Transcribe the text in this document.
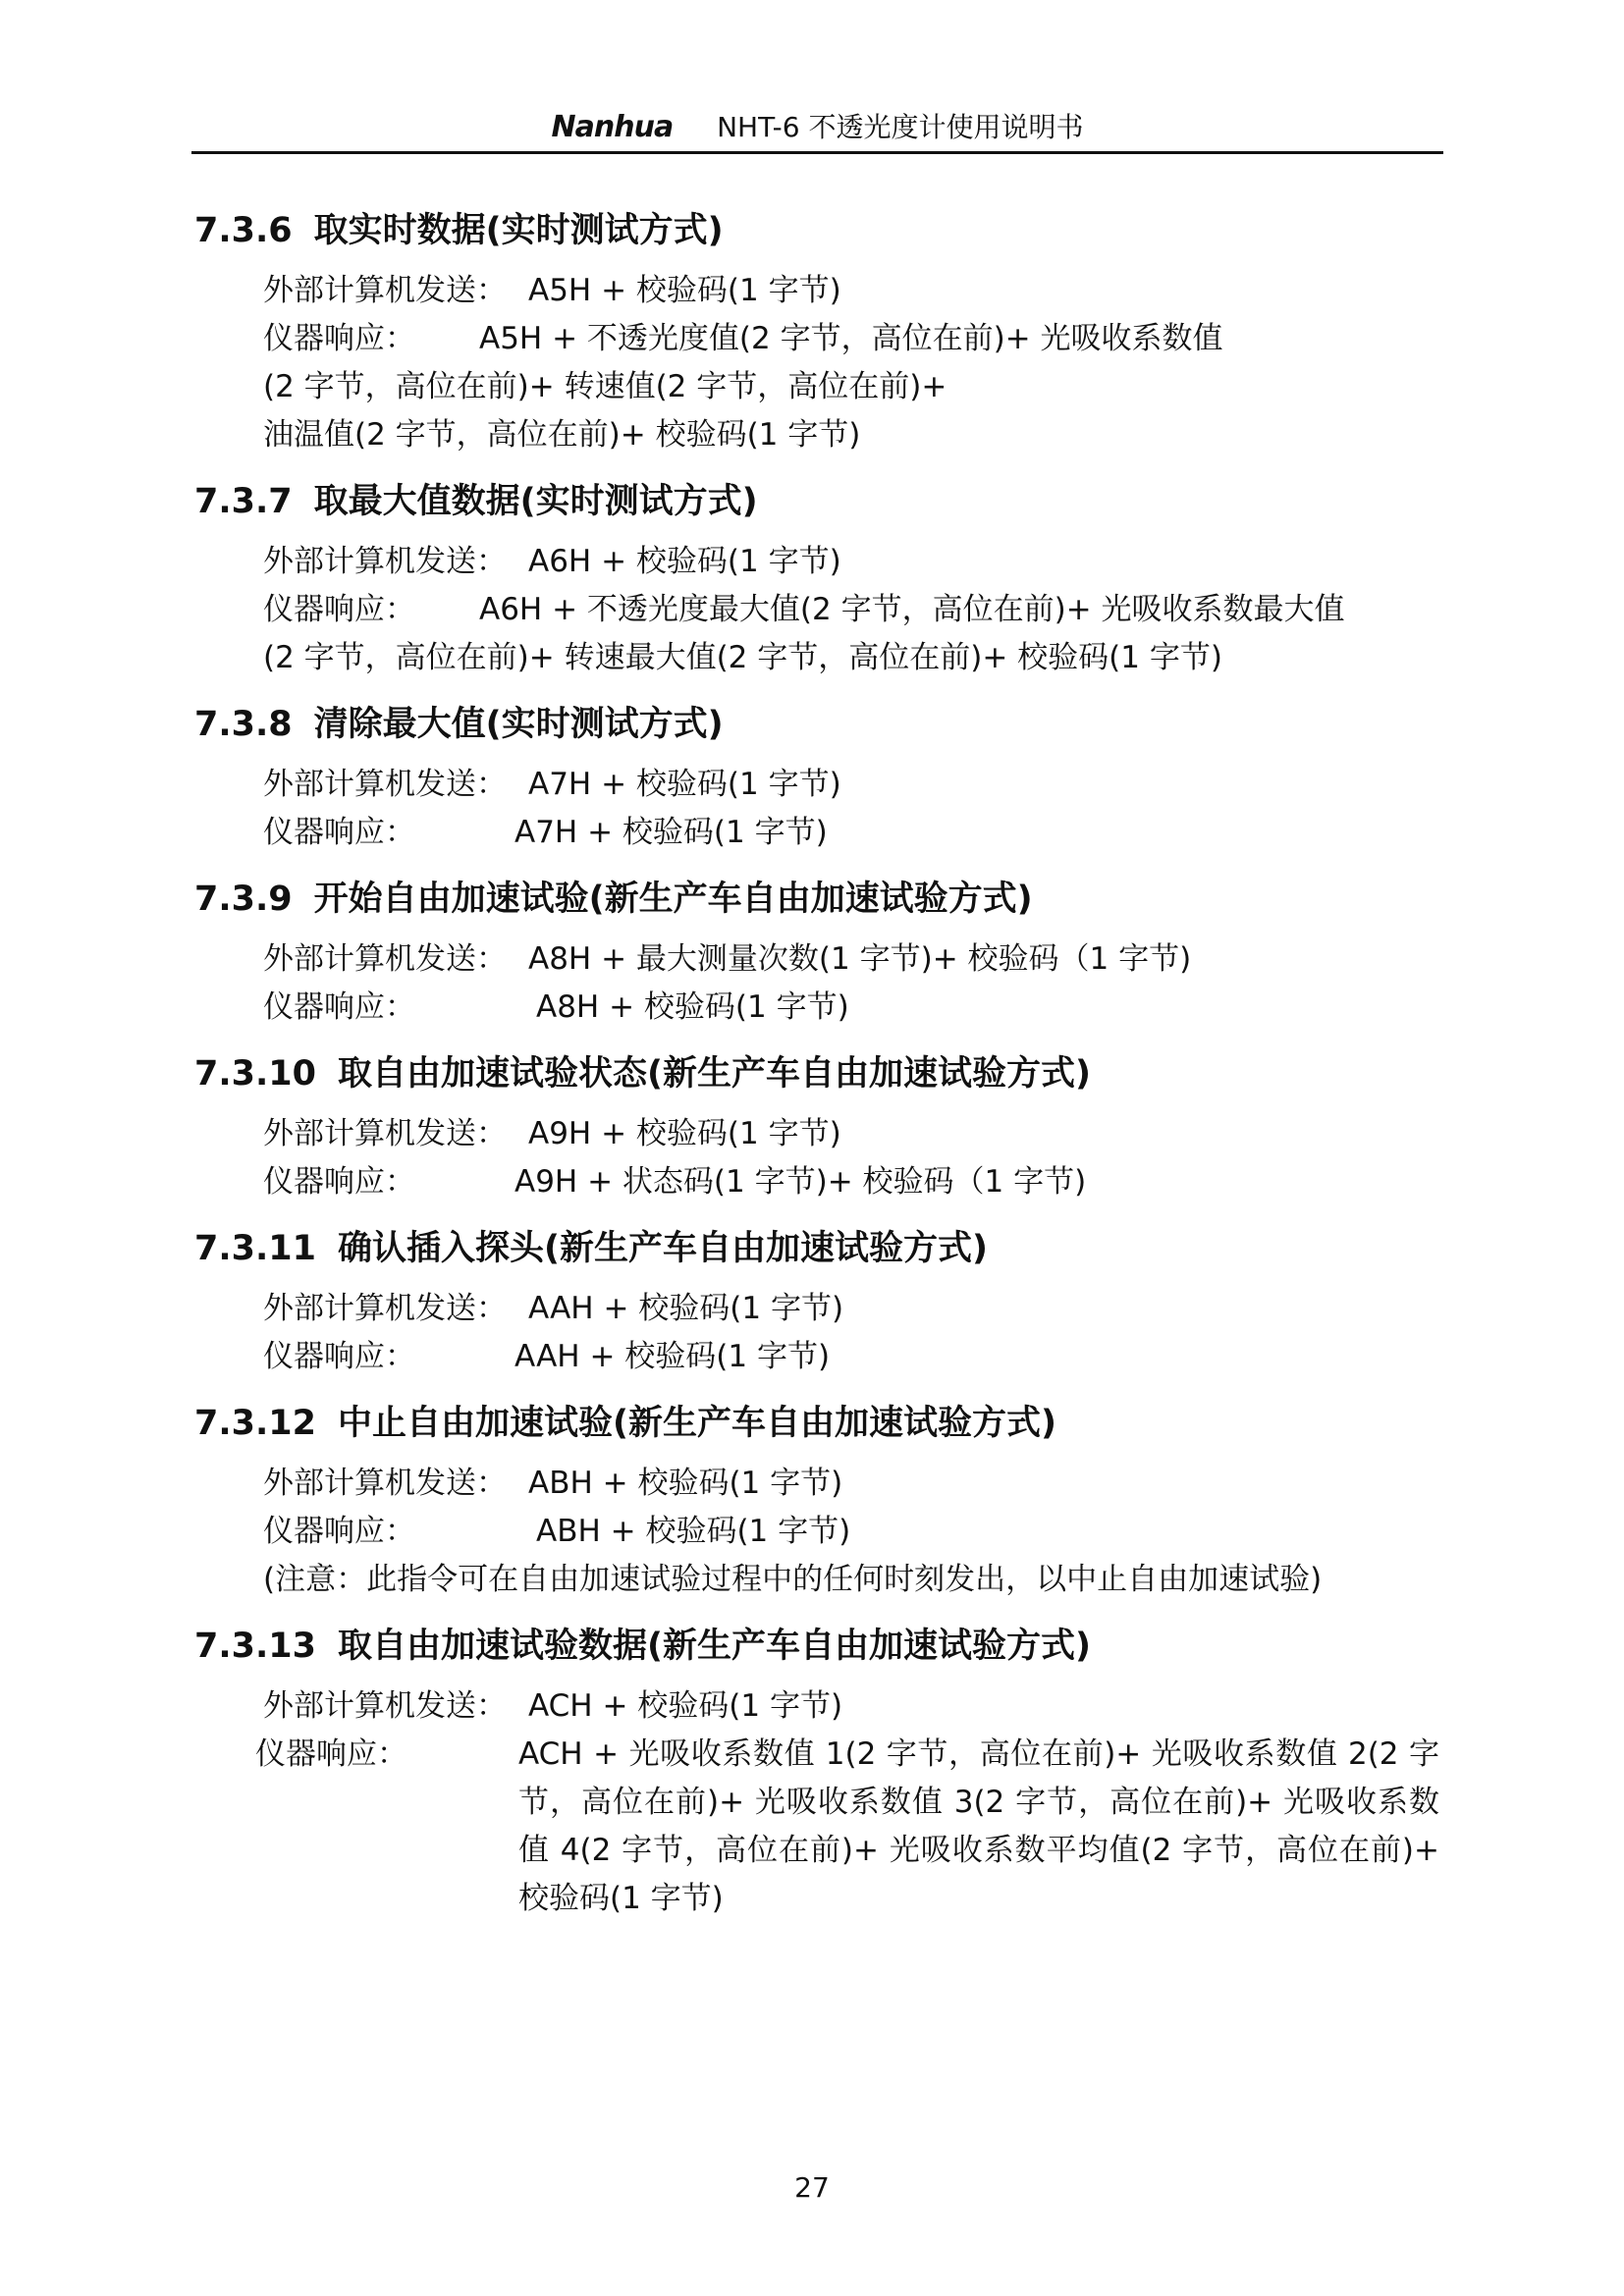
Nanhua NHT-6 不透光度计使用说明书
7.3.6 取实时数据(实时测试方式)
外部计算机发送： A5H + 校验码(1 字节)
仪器响应： A5H + 不透光度值(2 字节，高位在前)+ 光吸收系数值
(2 字节，高位在前)+ 转速值(2 字节，高位在前)+
油温值(2 字节，高位在前)+ 校验码(1 字节)
7.3.7 取最大值数据(实时测试方式)
外部计算机发送： A6H + 校验码(1 字节)
仪器响应： A6H + 不透光度最大值(2 字节，高位在前)+ 光吸收系数最大值
(2 字节，高位在前)+ 转速最大值(2 字节，高位在前)+ 校验码(1 字节)
7.3.8 清除最大值(实时测试方式)
外部计算机发送： A7H + 校验码(1 字节)
仪器响应：	A7H + 校验码(1 字节)
7.3.9 开始自由加速试验(新生产车自由加速试验方式)
外部计算机发送： A8H + 最大测量次数(1 字节)+ 校验码（1 字节)
仪器响应：	A8H + 校验码(1 字节)
7.3.10 取自由加速试验状态(新生产车自由加速试验方式)
外部计算机发送： A9H + 校验码(1 字节)
仪器响应：	A9H + 状态码(1 字节)+ 校验码（1 字节)
7.3.11 确认插入探头(新生产车自由加速试验方式)
外部计算机发送： AAH + 校验码(1 字节)
仪器响应：	AAH + 校验码(1 字节)
7.3.12 中止自由加速试验(新生产车自由加速试验方式)
外部计算机发送： ABH + 校验码(1 字节)
仪器响应：	ABH + 校验码(1 字节)
(注意：此指令可在自由加速试验过程中的任何时刻发出，以中止自由加速试验)
7.3.13 取自由加速试验数据(新生产车自由加速试验方式)
外部计算机发送： ACH + 校验码(1 字节)
仪器响应：	ACH + 光吸收系数值 1(2 字节，高位在前)+ 光吸收系数值 2(2 字节，高位在前)+ 光吸收系数值 3(2 字节，高位在前)+ 光吸收系数值 4(2 字节，高位在前)+ 光吸收系数平均值(2 字节，高位在前)+ 校验码(1 字节)
27
